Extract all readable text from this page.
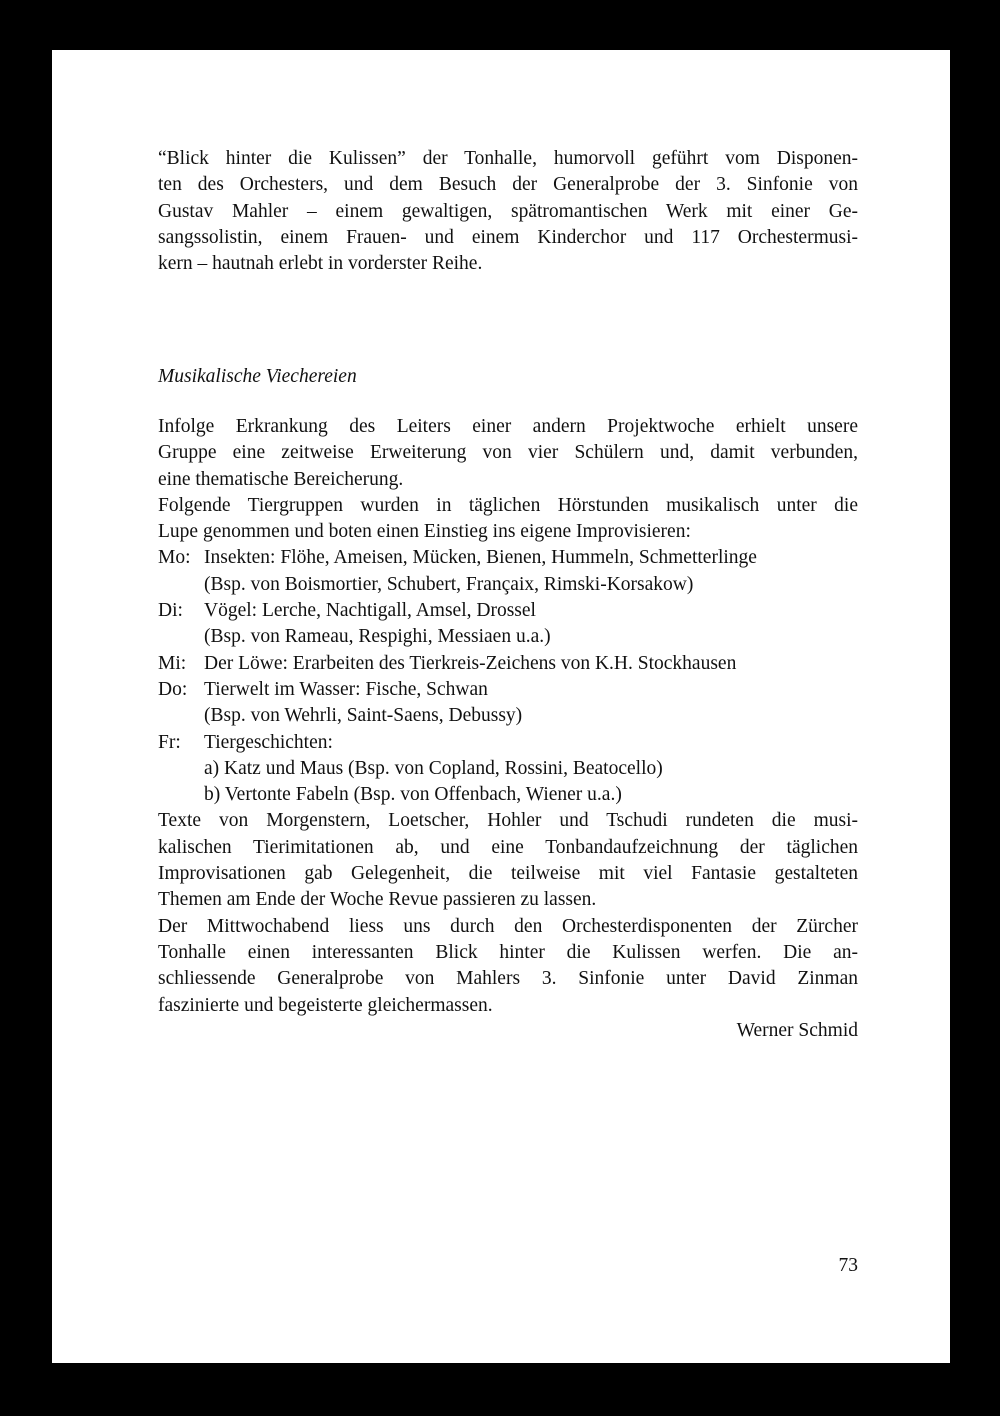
“Blick hinter die Kulissen” der Tonhalle, humorvoll geführt vom Disponen-
ten des Orchesters, und dem Besuch der Generalprobe der 3. Sinfonie von
Gustav Mahler – einem gewaltigen, spätromantischen Werk mit einer Ge-
sangssolistin, einem Frauen- und einem Kinderchor und 117 Orchestermusi-
kern – hautnah erlebt in vorderster Reihe.
Musikalische Viechereien
Infolge Erkrankung des Leiters einer andern Projektwoche erhielt unsere
Gruppe eine zeitweise Erweiterung von vier Schülern und, damit verbunden,
eine thematische Bereicherung.
Folgende Tiergruppen wurden in täglichen Hörstunden musikalisch unter die
Lupe genommen und boten einen Einstieg ins eigene Improvisieren:
Mo: Insekten: Flöhe, Ameisen, Mücken, Bienen, Hummeln, Schmetterlinge
(Bsp. von Boismortier, Schubert, Françaix, Rimski-Korsakow)
Di:	Vögel: Lerche, Nachtigall, Amsel, Drossel
(Bsp. von Rameau, Respighi, Messiaen u.a.)
Mi: Der Löwe: Erarbeiten des Tierkreis-Zeichens von K.H. Stockhausen
Do: Tierwelt im Wasser: Fische, Schwan
(Bsp. von Wehrli, Saint-Saens, Debussy)
Fr:	Tiergeschichten:
a) Katz und Maus (Bsp. von Copland, Rossini, Beatocello)
b) Vertonte Fabeln (Bsp. von Offenbach, Wiener u.a.)
Texte von Morgenstern, Loetscher, Hohler und Tschudi rundeten die musi-
kalischen Tierimitationen ab, und eine Tonbandaufzeichnung der täglichen
Improvisationen gab Gelegenheit, die teilweise mit viel Fantasie gestalteten
Themen am Ende der Woche Revue passieren zu lassen.
Der Mittwochabend liess uns durch den Orchesterdisponenten der Zürcher
Tonhalle einen interessanten Blick hinter die Kulissen werfen. Die an-
schliessende Generalprobe von Mahlers 3. Sinfonie unter David Zinman
faszinierte und begeisterte gleichermassen.
Werner Schmid
73
